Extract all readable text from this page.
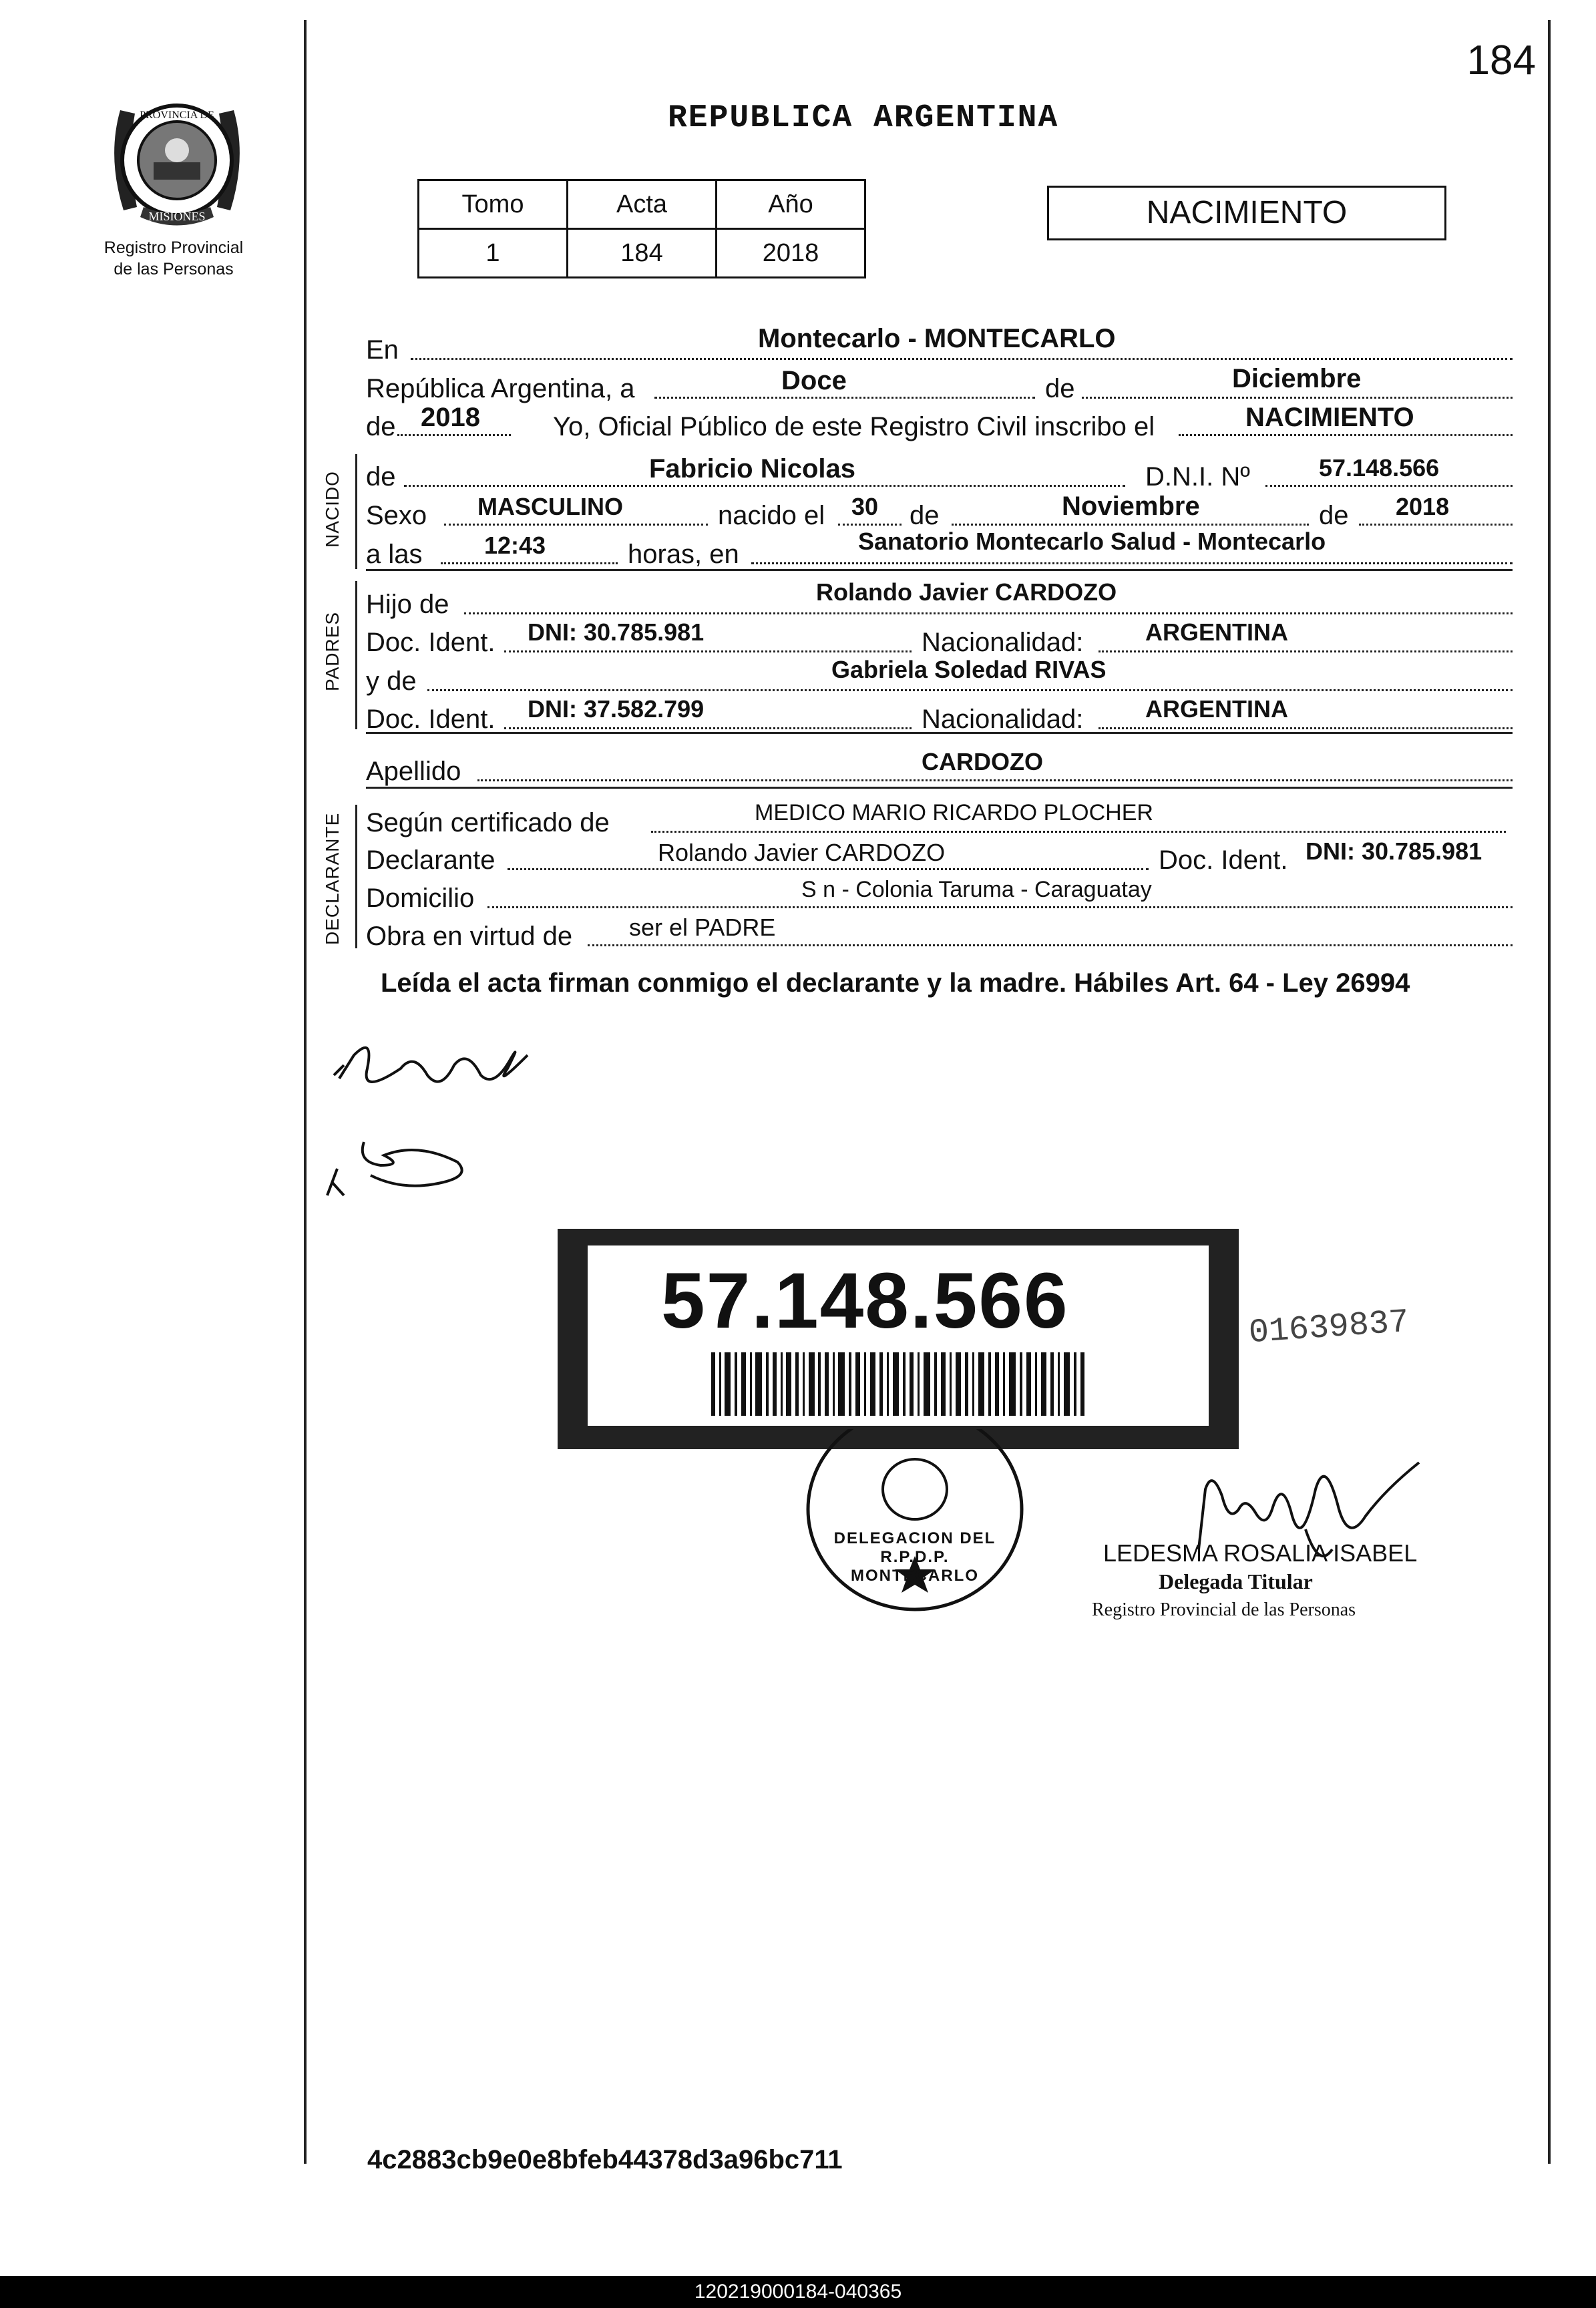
184
PROVINCIA DE
MISIONES
Registro Provincial
de las Personas
REPUBLICA ARGENTINA
Tomo	Acta	Año
1	184	2018
NACIMIENTO
En	Montecarlo - MONTECARLO
República Argentina, a	Doce	de	Diciembre
de 2018	Yo, Oficial Público de este Registro Civil inscribo el	NACIMIENTO
NACIDO de	Fabricio Nicolas	D.N.I. Nº	57.148.566
Sexo MASCULINO	nacido el 30 de	Noviembre	de 2018
a las	12:43	horas, en	Sanatorio Montecarlo Salud - Montecarlo
PADRES
Hijo de	Rolando Javier CARDOZO
Doc. Ident. DNI: 30.785.981	Nacionalidad:	ARGENTINA
y de	Gabriela Soledad RIVAS
Doc. Ident. DNI: 37.582.799	Nacionalidad:	ARGENTINA
Apellido	CARDOZO
DECLARANTE Según certificado de	MEDICO MARIO RICARDO PLOCHER
Declarante	Rolando Javier CARDOZO	Doc. Ident. DNI: 30.785.981
Domicilio	S n - Colonia Taruma - Caraguatay
Obra en virtud de ser el PADRE
Leída el acta firman conmigo el declarante y la madre. Hábiles Art. 64 - Ley 26994
57.148.566	01639837
DELEGACION DEL R.P.D.P. MONTECARLO
LEDESMA ROSALIA ISABEL
Delegada Titular
Registro Provincial de las Personas
4c2883cb9e0e8bfeb44378d3a96bc711
120219000184-040365
